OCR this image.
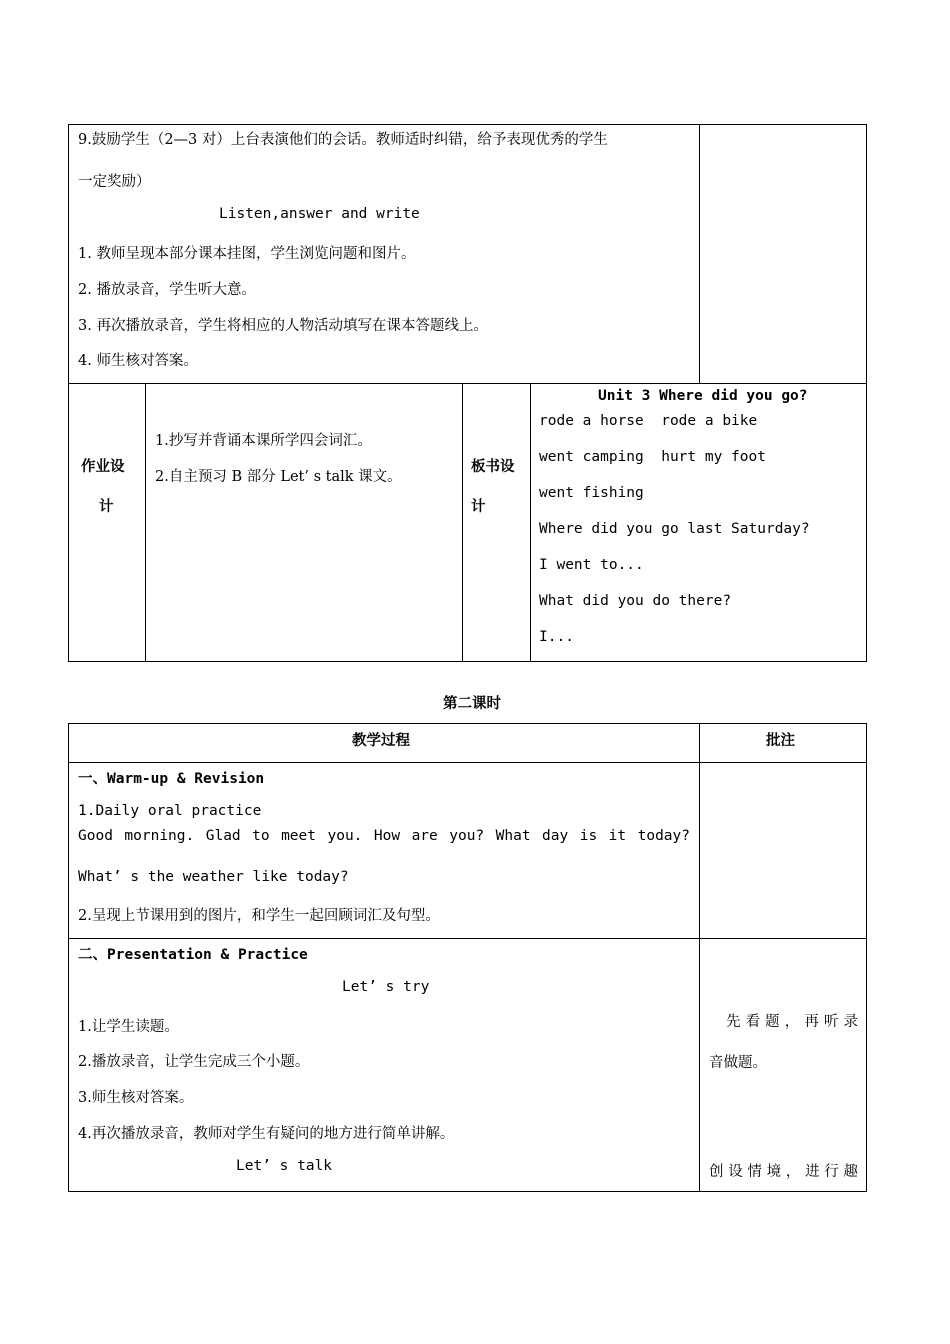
9.鼓励学生（2—3 对）上台表演他们的会话。教师适时纠错，给予表现优秀的学生
一定奖励）
Listen,answer and write
1. 教师呈现本部分课本挂图，学生浏览问题和图片。
2. 播放录音，学生听大意。
3. 再次播放录音，学生将相应的人物活动填写在课本答题线上。
4. 师生核对答案。
作业设
计
1.抄写并背诵本课所学四会词汇。
2.自主预习 B 部分 Let’ s talk 课文。
板书设
计
Unit 3 Where did you go?
rode a horse  rode a bike
went camping  hurt my foot
went fishing
Where did you go last Saturday?
I went to...
What did you do there?
I...
第二课时
教学过程	批注
一、Warm-up & Revision
1.Daily oral practice
Good morning. Glad to meet you. How are you? What day is it today?
What’ s the weather like today?
2.呈现上节课用到的图片，和学生一起回顾词汇及句型。
二、Presentation & Practice
Let’ s try
1.让学生读题。
2.播放录音，让学生完成三个小题。
3.师生核对答案。
4.再次播放录音，教师对学生有疑问的地方进行简单讲解。
Let’ s talk
先看题，再听录
音做题。
创设情境，进行趣
